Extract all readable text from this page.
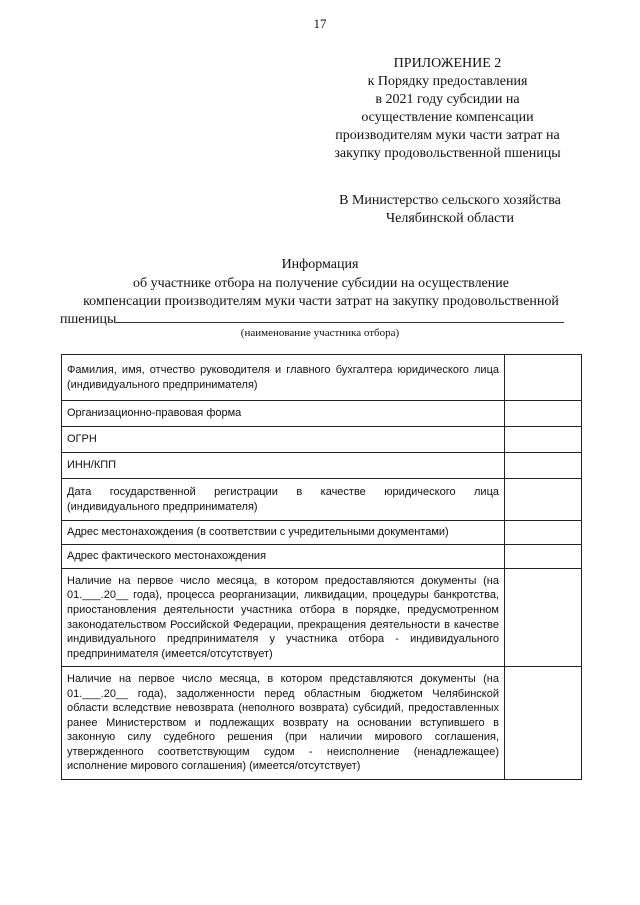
17
ПРИЛОЖЕНИЕ 2
к Порядку предоставления
в 2021 году субсидии на
осуществление компенсации
производителям муки части затрат на
закупку продовольственной пшеницы
В Министерство сельского хозяйства
Челябинской области
Информация
об участнике отбора на получение субсидии на осуществление
компенсации производителям муки части затрат на закупку продовольственной
пшеницы
(наименование участника отбора)
Фамилия, имя, отчество руководителя и главного бухгалтера юридического лица (индивидуального предпринимателя)	
Организационно-правовая форма	
ОГРН	
ИНН/КПП	
Дата государственной регистрации в качестве юридического лица (индивидуального предпринимателя)	
Адрес местонахождения (в соответствии с учредительными документами)	
Адрес фактического местонахождения	
Наличие на первое число месяца, в котором предоставляются документы (на 01.___.20__ года), процесса реорганизации, ликвидации, процедуры банкротства, приостановления деятельности участника отбора в порядке, предусмотренном законодательством Российской Федерации, прекращения деятельности в качестве индивидуального предпринимателя у участника отбора - индивидуального предпринимателя (имеется/отсутствует)	
Наличие на первое число месяца, в котором представляются документы (на 01.___.20__ года), задолженности перед областным бюджетом Челябинской области вследствие невозврата (неполного возврата) субсидий, предоставленных ранее Министерством и подлежащих возврату на основании вступившего в законную силу судебного решения (при наличии мирового соглашения, утвержденного соответствующим судом - неисполнение (ненадлежащее) исполнение мирового соглашения) (имеется/отсутствует)	
